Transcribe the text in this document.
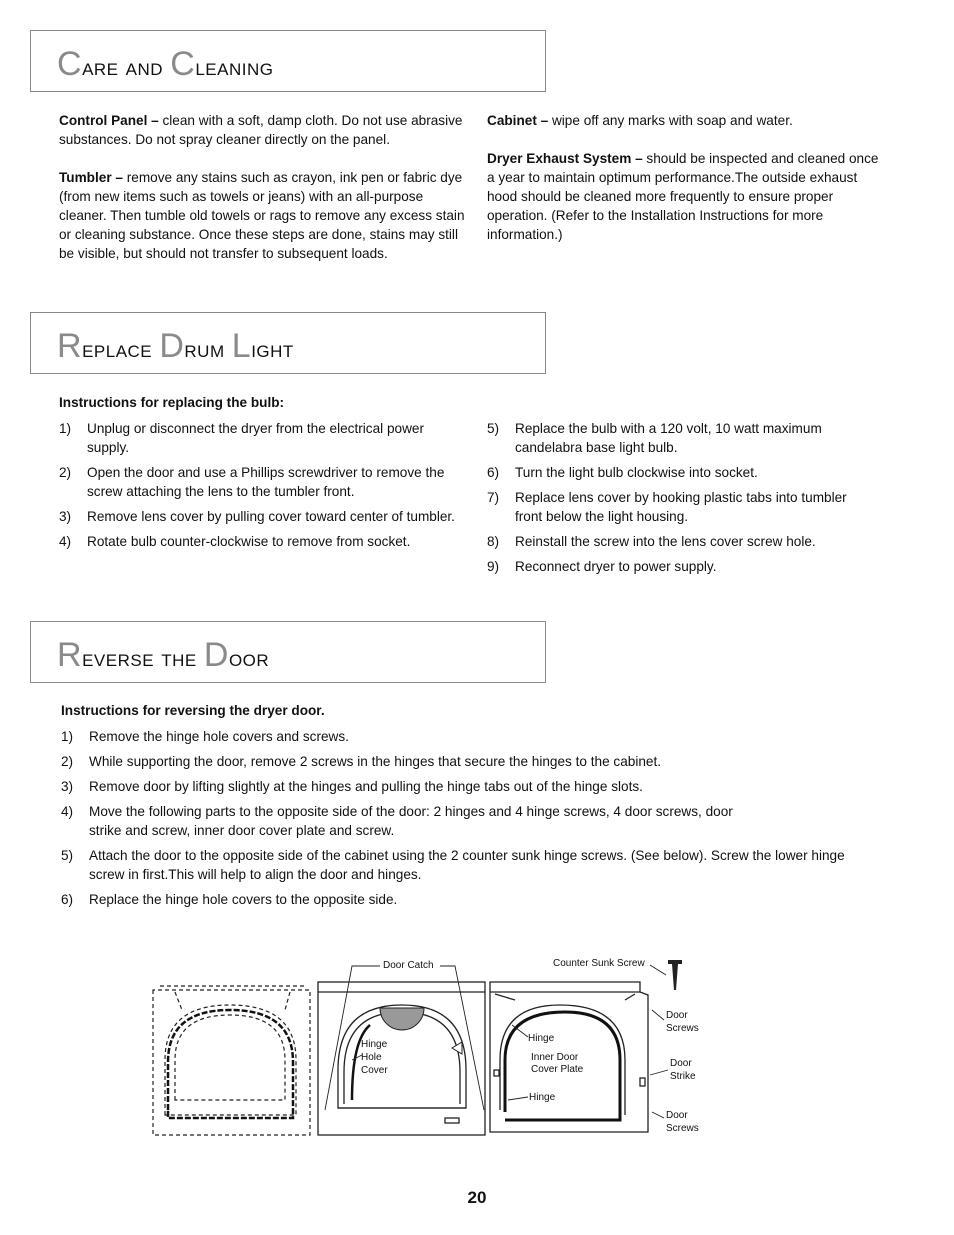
Care and Cleaning

Control Panel – clean with a soft, damp cloth. Do not use abrasive substances. Do not spray cleaner directly on the panel.

Tumbler – remove any stains such as crayon, ink pen or fabric dye (from new items such as towels or jeans) with an all-purpose cleaner. Then tumble old towels or rags to remove any excess stain or cleaning substance. Once these steps are done, stains may still be visible, but should not transfer to subsequent loads.

Cabinet – wipe off any marks with soap and water.

Dryer Exhaust System – should be inspected and cleaned once a year to maintain optimum performance.The outside exhaust hood should be cleaned more frequently to ensure proper operation. (Refer to the Installation Instructions for more information.)

Replace Drum Light
Instructions for replacing the bulb:
1) Unplug or disconnect the dryer from the electrical power supply.
2) Open the door and use a Phillips screwdriver to remove the screw attaching the lens to the tumbler front.
3) Remove lens cover by pulling cover toward center of tumbler.
4) Rotate bulb counter-clockwise to remove from socket.
5) Replace the bulb with a 120 volt, 10 watt maximum candelabra base light bulb.
6) Turn the light bulb clockwise into socket.
7) Replace lens cover by hooking plastic tabs into tumbler front below the light housing.
8) Reinstall the screw into the lens cover screw hole.
9) Reconnect dryer to power supply.
Reverse the Door
Instructions for reversing the dryer door.
1) Remove the hinge hole covers and screws.
2) While supporting the door, remove 2 screws in the hinges that secure the hinges to the cabinet.
3) Remove door by lifting slightly at the hinges and pulling the hinge tabs out of the hinge slots.
4) Move the following parts to the opposite side of the door: 2 hinges and 4 hinge screws, 4 door screws, door strike and screw, inner door cover plate and screw.
5) Attach the door to the opposite side of the cabinet using the 2 counter sunk hinge screws. (See below). Screw the lower hinge screw in first.This will help to align the door and hinges.
6) Replace the hinge hole covers to the opposite side.
Door Catch	Counter Sunk Screw
Hinge
Hole
Cover
Hinge
Inner Door
Cover Plate
Hinge
Door
Screws
Door
Strike
Door
Screws
20
